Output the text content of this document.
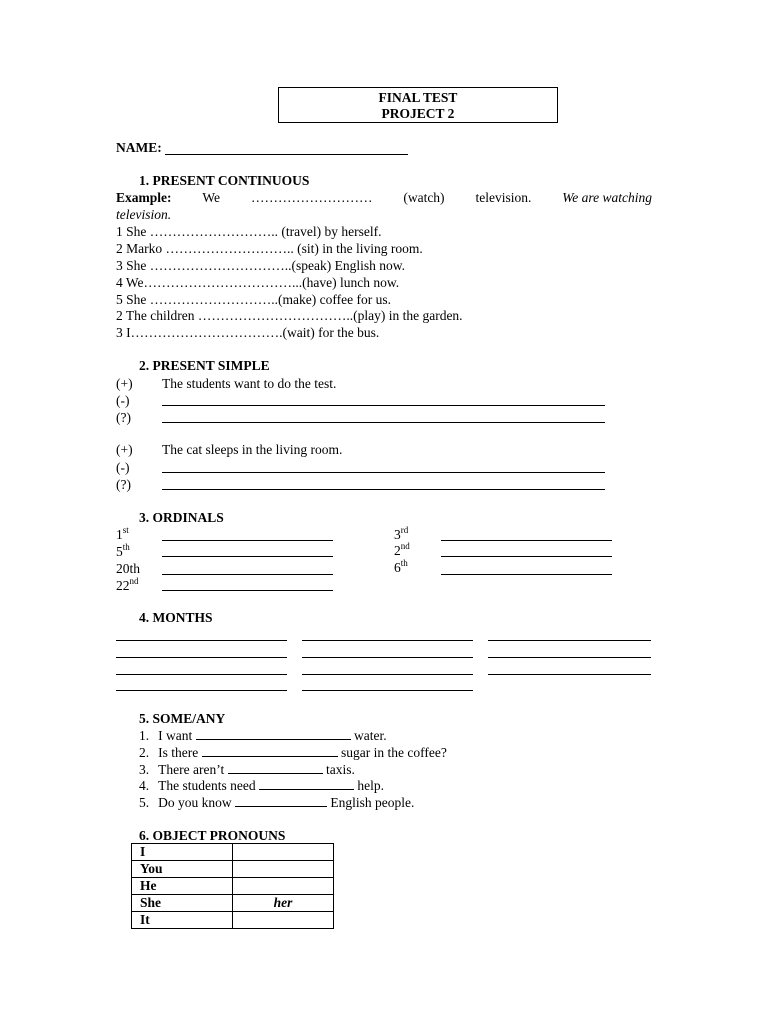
FINAL TEST
PROJECT 2
NAME:
1. PRESENT CONTINUOUS
Example: We ……………………… (watch) television. We are watching
television.
1 She ……………………….. (travel) by herself.
2 Marko ……………………….. (sit) in the living room.
3 She …………………………..(speak) English now.
4 We……………………………...(have) lunch now.
5 She ………………………..(make) coffee for us.
2 The children ……………………………..(play) in the garden.
3 I…………………………….(wait) for the bus.
2. PRESENT SIMPLE
(+) The students want to do the test.
(-)
(?)
(+) The cat sleeps in the living room.
(-)
(?)
3. ORDINALS
1st
5th
20th
22nd
3rd
2nd
6th
4. MONTHS
5. SOME/ANY
1. I want	water.
2. Is there	sugar in the coffee?
3. There aren’t	taxis.
4. The students need	help.
5. Do you know	English people.
6. OBJECT PRONOUNS
I	
You	
He	
She	her
It	
